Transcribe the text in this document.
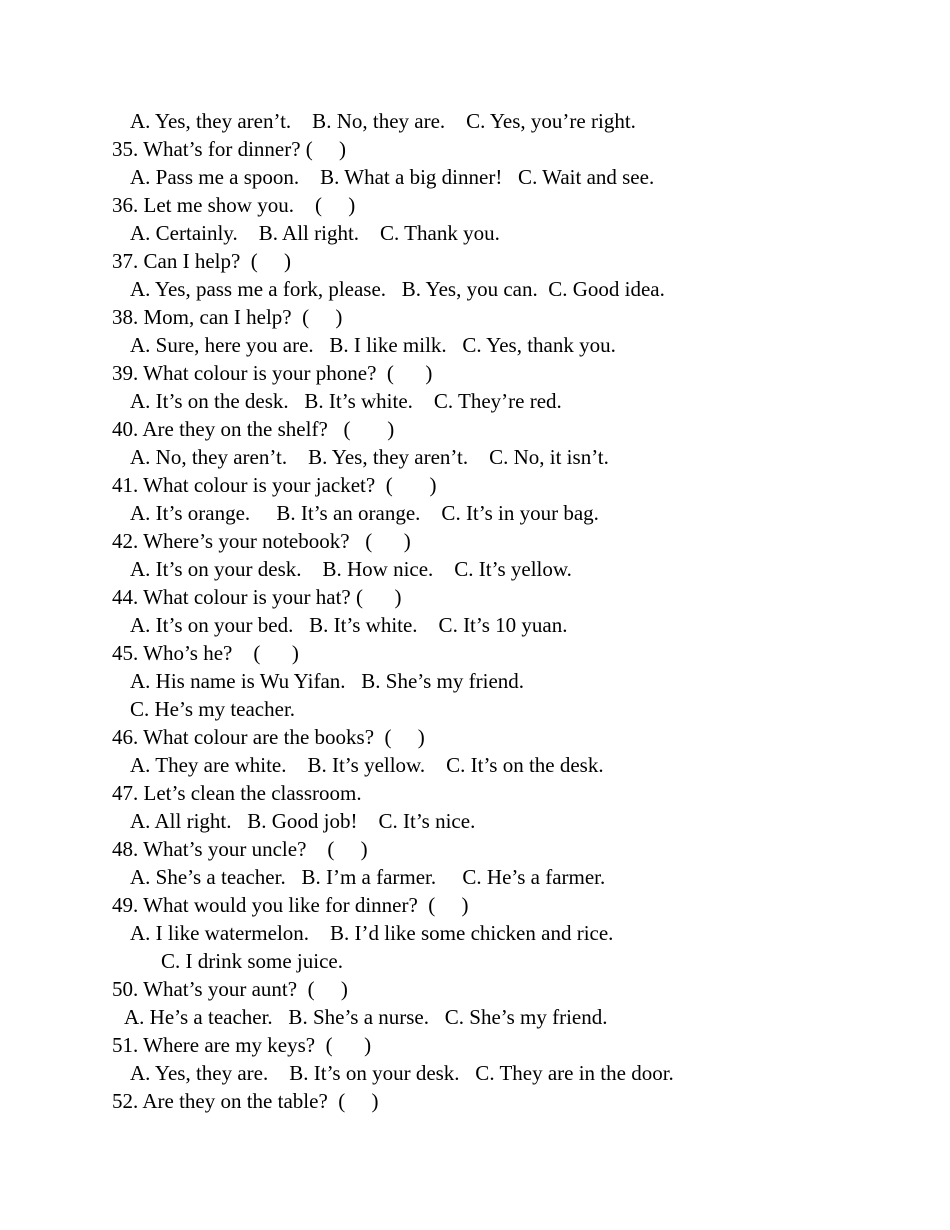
A. Yes, they aren’t.    B. No, they are.    C. Yes, you’re right.
35. What’s for dinner? (     )
A. Pass me a spoon.    B. What a big dinner!   C. Wait and see.
36. Let me show you.    (     )
A. Certainly.    B. All right.    C. Thank you.
37. Can I help?  (     )
A. Yes, pass me a fork, please.   B. Yes, you can.  C. Good idea.
38. Mom, can I help?  (     )
A. Sure, here you are.   B. I like milk.   C. Yes, thank you.
39. What colour is your phone?  (      )
A. It’s on the desk.   B. It’s white.    C. They’re red.
40. Are they on the shelf?   (       )
A. No, they aren’t.    B. Yes, they aren’t.    C. No, it isn’t.
41. What colour is your jacket?  (       )
A. It’s orange.     B. It’s an orange.    C. It’s in your bag.
42. Where’s your notebook?   (      )
A. It’s on your desk.    B. How nice.    C. It’s yellow.
44. What colour is your hat? (      )
A. It’s on your bed.   B. It’s white.    C. It’s 10 yuan.
45. Who’s he?    (      )
A. His name is Wu Yifan.   B. She’s my friend.
C. He’s my teacher.
46. What colour are the books?  (     )
A. They are white.    B. It’s yellow.    C. It’s on the desk.
47. Let’s clean the classroom.
A. All right.   B. Good job!    C. It’s nice.
48. What’s your uncle?    (     )
A. She’s a teacher.   B. I’m a farmer.     C. He’s a farmer.
49. What would you like for dinner?  (     )
A. I like watermelon.    B. I’d like some chicken and rice.
C. I drink some juice.
50. What’s your aunt?  (     )
A. He’s a teacher.   B. She’s a nurse.   C. She’s my friend.
51. Where are my keys?  (      )
A. Yes, they are.    B. It’s on your desk.   C. They are in the door.
52. Are they on the table?  (     )
